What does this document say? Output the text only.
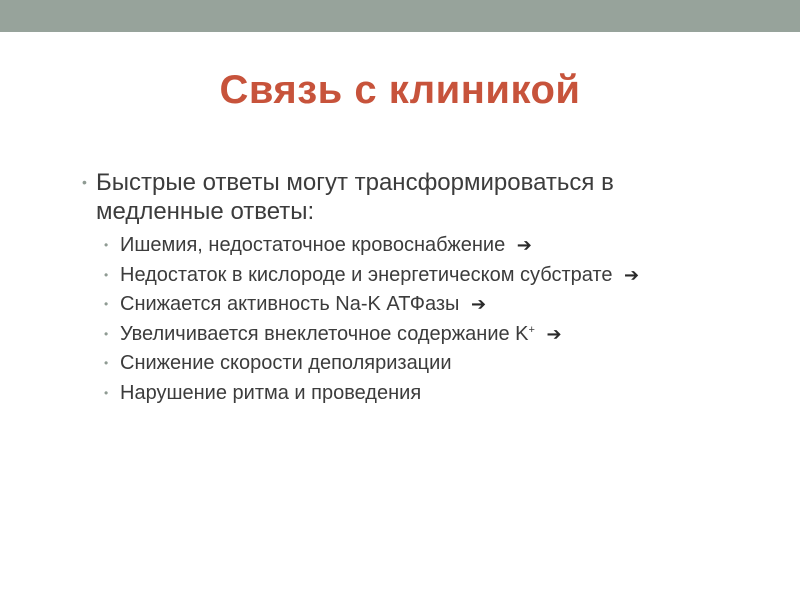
Связь с клиникой
• Быстрые ответы могут трансформироваться в медленные ответы:
• Ишемия, недостаточное кровоснабжение ➔
• Недостаток в кислороде и энергетическом субстрате ➔
• Снижается активность Na-K АТФазы ➔
• Увеличивается внеклеточное содержание K+ ➔
• Снижение скорости деполяризации
• Нарушение ритма и проведения
